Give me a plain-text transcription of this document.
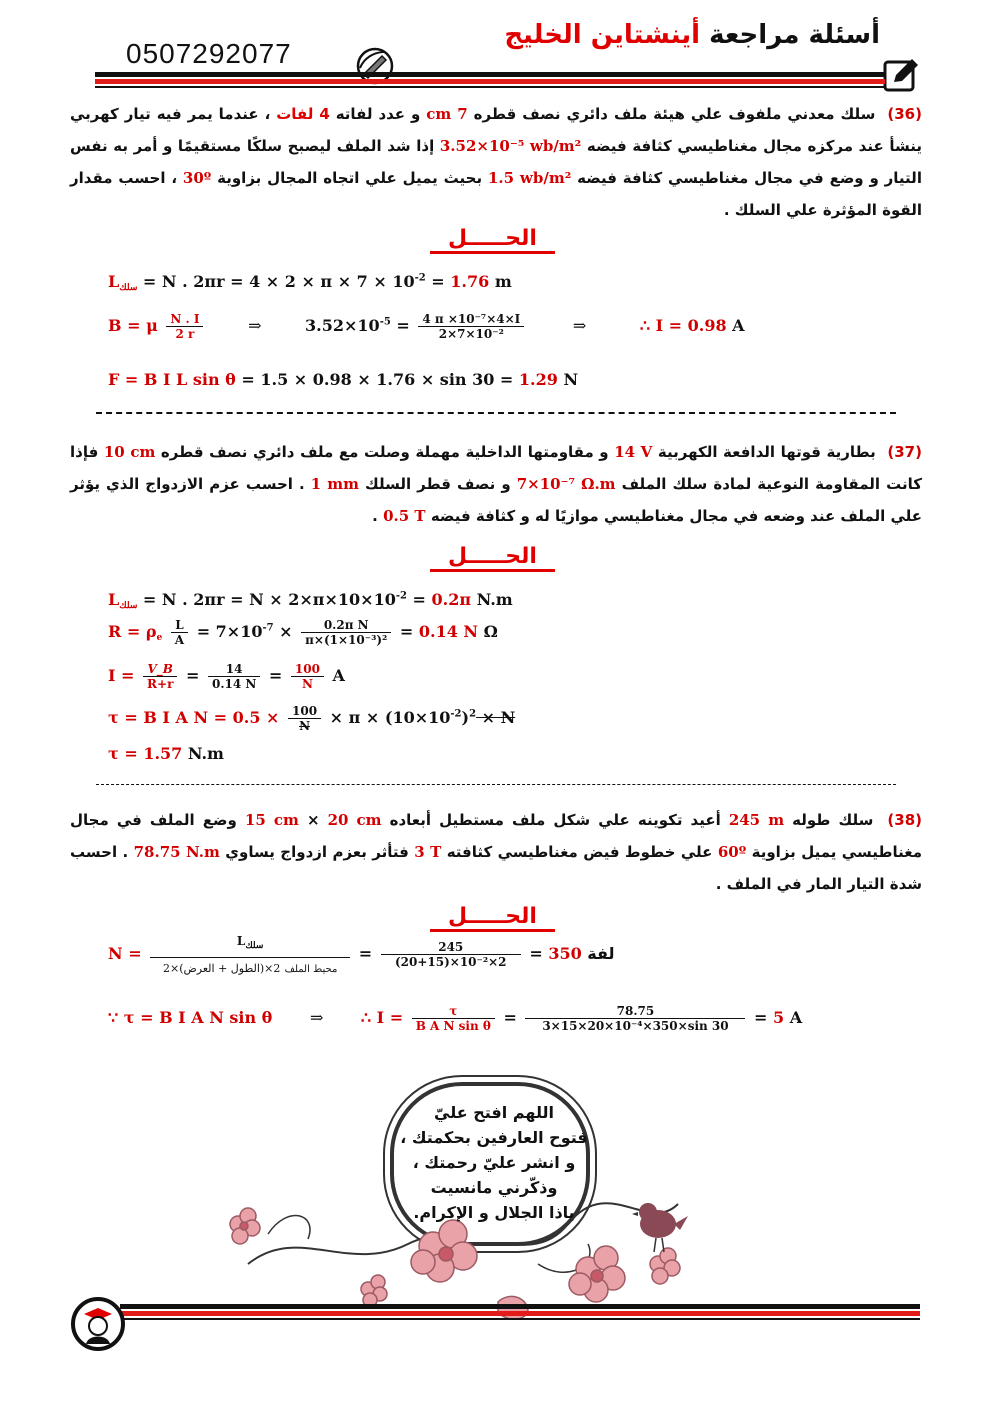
أسئلة مراجعة أينشتاين الخليج
0507292077
(36) سلك معدني ملفوف علي هيئة ملف دائري نصف قطره 7 cm و عدد لفاته 4 لفات ، عندما يمر فيه تيار كهربي ينشأ عند مركزه مجال مغناطيسي كثافة فيضه 3.52×10⁻⁵ wb/m² إذا شد الملف ليصبح سلكًا مستقيمًا و أمر به نفس التيار و وضع في مجال مغناطيسي كثافة فيضه 1.5 wb/m² بحيث يميل علي اتجاه المجال بزاوية 30º ، احسب مقدار القوة المؤثرة علي السلك .
الحـــــل
$L_{سلك} = N$ . $2\pi r = 4 \times 2 \times \pi \times 7 \times 10^{-2} = 1.76$ m
B = μ $\frac{N . I}{2 r}$	⇒	$3.52\times 10^{-5} = \frac{\text{4 π ×10⁻⁷×4×I}}{\text{2×7×10⁻²}}$	⇒	∴ I = 0.98 A
F = B I L sin θ = 1.5 × 0.98 × 1.76 × sin 30 = 1.29 N
(37) بطارية قوتها الدافعة الكهربية 14 V و مقاومتها الداخلية مهملة وصلت مع ملف دائري نصف قطره 10 cm فإذا كانت المقاومة النوعية لمادة سلك الملف 7×10⁻⁷ Ω.m و نصف قطر السلك 1 mm . احسب عزم الازدواج الذي يؤثر علي الملف عند وضعه في مجال مغناطيسي موازيًا له و كثافة فيضه 0.5 T .
الحـــــل
$L_{سلك} = N$ . $2\pi r = N \times 2\times\pi\times 10\times 10^{-2} = 0.2\pi$ N.m
$R = \rho_e \frac{L}{A} = 7\times 10^{-7} \times \frac{\text{0.2π N}}{\text{π×(1×10⁻³)²}} = 0.14$ N Ω
$I = \frac{V\_B}{R+r} = \frac{14}{0.14 N} = \frac{100}{N}$ A
τ = B I A $N = 0.5 \times \frac{100}{N} \times \pi \times (10\times 10^{-2})^2 \times N$
τ = 1.57 N.m
(38) سلك طوله 245 m أعيد تكوينه علي شكل ملف مستطيل أبعاده 20 cm × 15 cm وضع الملف في مجال مغناطيسي يميل بزاوية 60º علي خطوط فيض مغناطيسي كثافته 3 T فتأثر بعزم ازدواج يساوي 78.75 N.m . احسب شدة التيار المار في الملف .
الحـــــل
$N = \frac{L_{سلك}}{\text{محيط الملف 2×(الطول + العرض)×2}} = \frac{245}{\text{(20+15)×10⁻²×2}} = 350$ لفة
∵ τ = B I A N sin θ ⇒ ∴ $I = \frac{\tau}{\text{B A N sin θ}} = \frac{78.75}{\text{3×15×20×10⁻⁴×350×sin 30}} = 5$ A
اللهم افتح عليّ
فتوح العارفين بحكمتك ،
و انشر عليّ رحمتك ،
وذكّرني مانسيت
ياذا الجلال و الإكرام.
